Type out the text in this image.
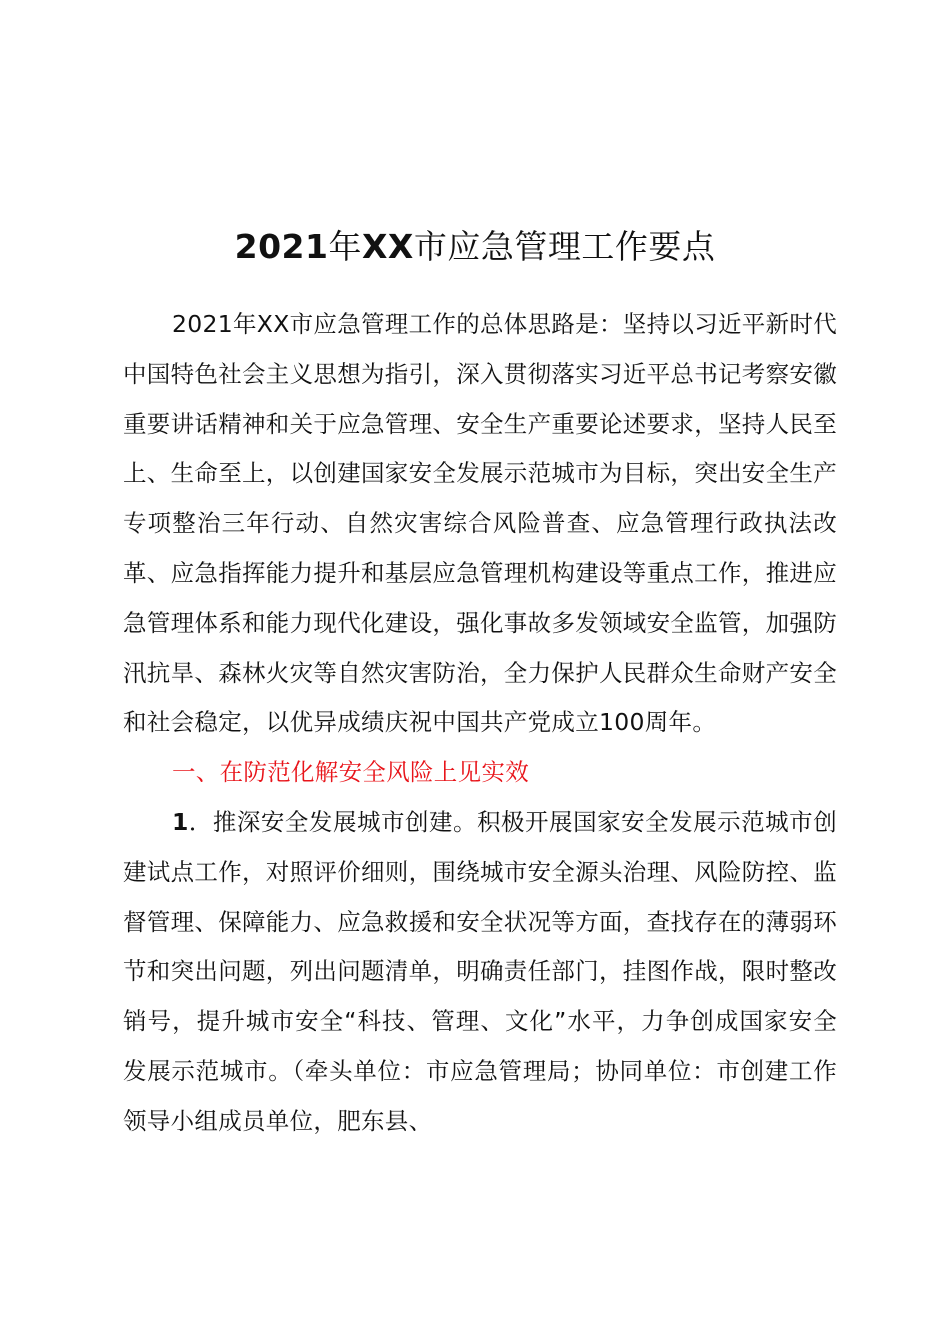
2021年XX市应急管理工作要点

2021年XX市应急管理工作的总体思路是：坚持以习近平新时代中国特色社会主义思想为指引，深入贯彻落实习近平总书记考察安徽重要讲话精神和关于应急管理、安全生产重要论述要求，坚持人民至上、生命至上，以创建国家安全发展示范城市为目标，突出安全生产专项整治三年行动、自然灾害综合风险普查、应急管理行政执法改革、应急指挥能力提升和基层应急管理机构建设等重点工作，推进应急管理体系和能力现代化建设，强化事故多发领域安全监管，加强防汛抗旱、森林火灾等自然灾害防治，全力保护人民群众生命财产安全和社会稳定，以优异成绩庆祝中国共产党成立100周年。

一、在防范化解安全风险上见实效

1．推深安全发展城市创建。积极开展国家安全发展示范城市创建试点工作，对照评价细则，围绕城市安全源头治理、风险防控、监督管理、保障能力、应急救援和安全状况等方面，查找存在的薄弱环节和突出问题，列出问题清单，明确责任部门，挂图作战，限时整改销号，提升城市安全“科技、管理、文化”水平，力争创成国家安全发展示范城市。（牵头单位：市应急管理局；协同单位：市创建工作领导小组成员单位，肥东县、
